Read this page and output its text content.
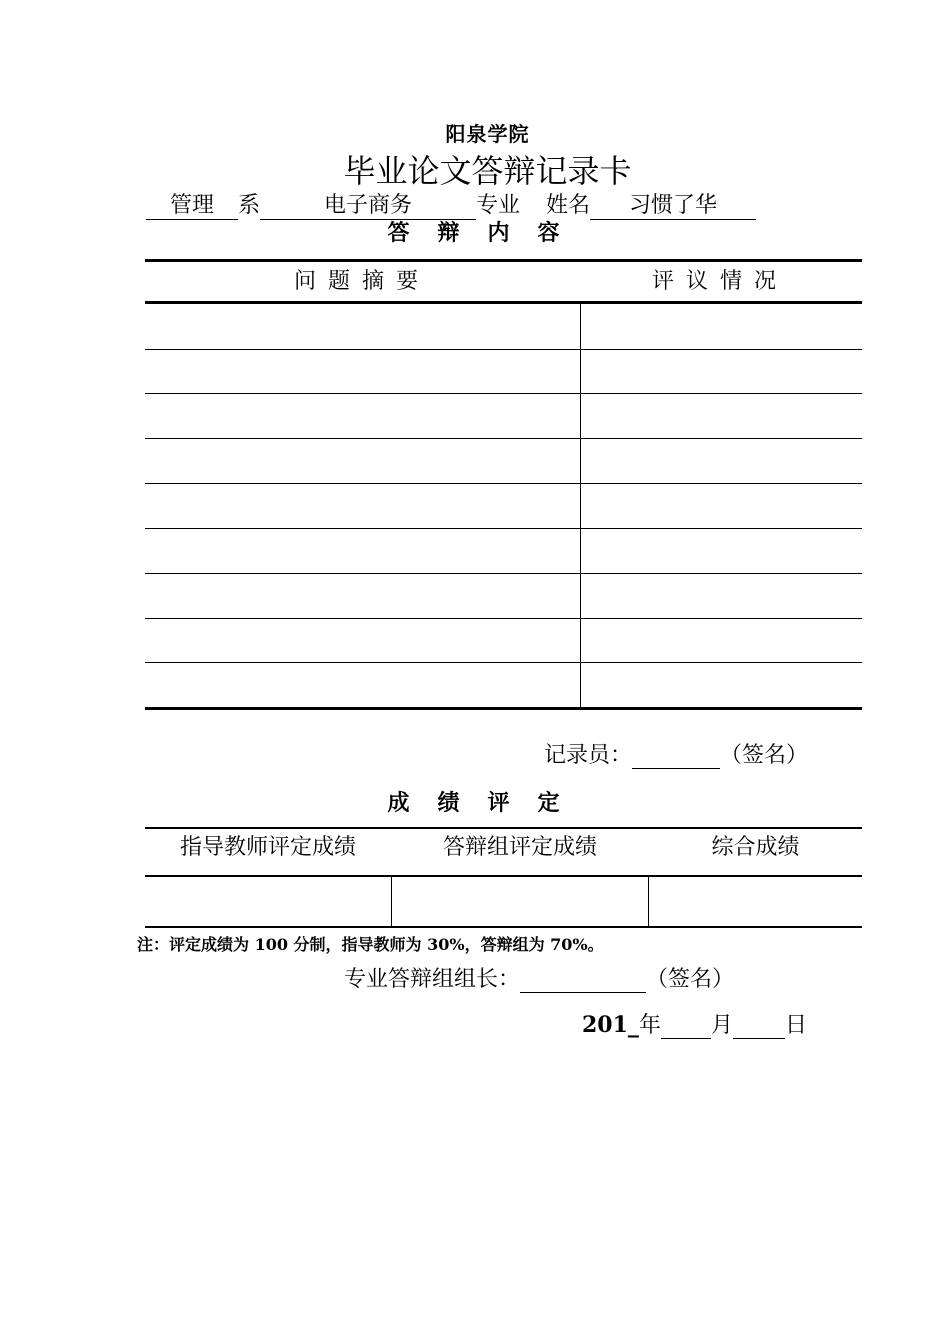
阳泉学院
毕业论文答辩记录卡
管理 系	电子商务	专业 姓名 习惯了华
答辩内容
问题摘要	评议情况
记录员：	（签名）
成绩评定
指导教师评定成绩	答辩组评定成绩	综合成绩
注：评定成绩为 100 分制，指导教师为 30%，答辩组为 70%。
专业答辩组组长：	（签名）
201_年 月 日
